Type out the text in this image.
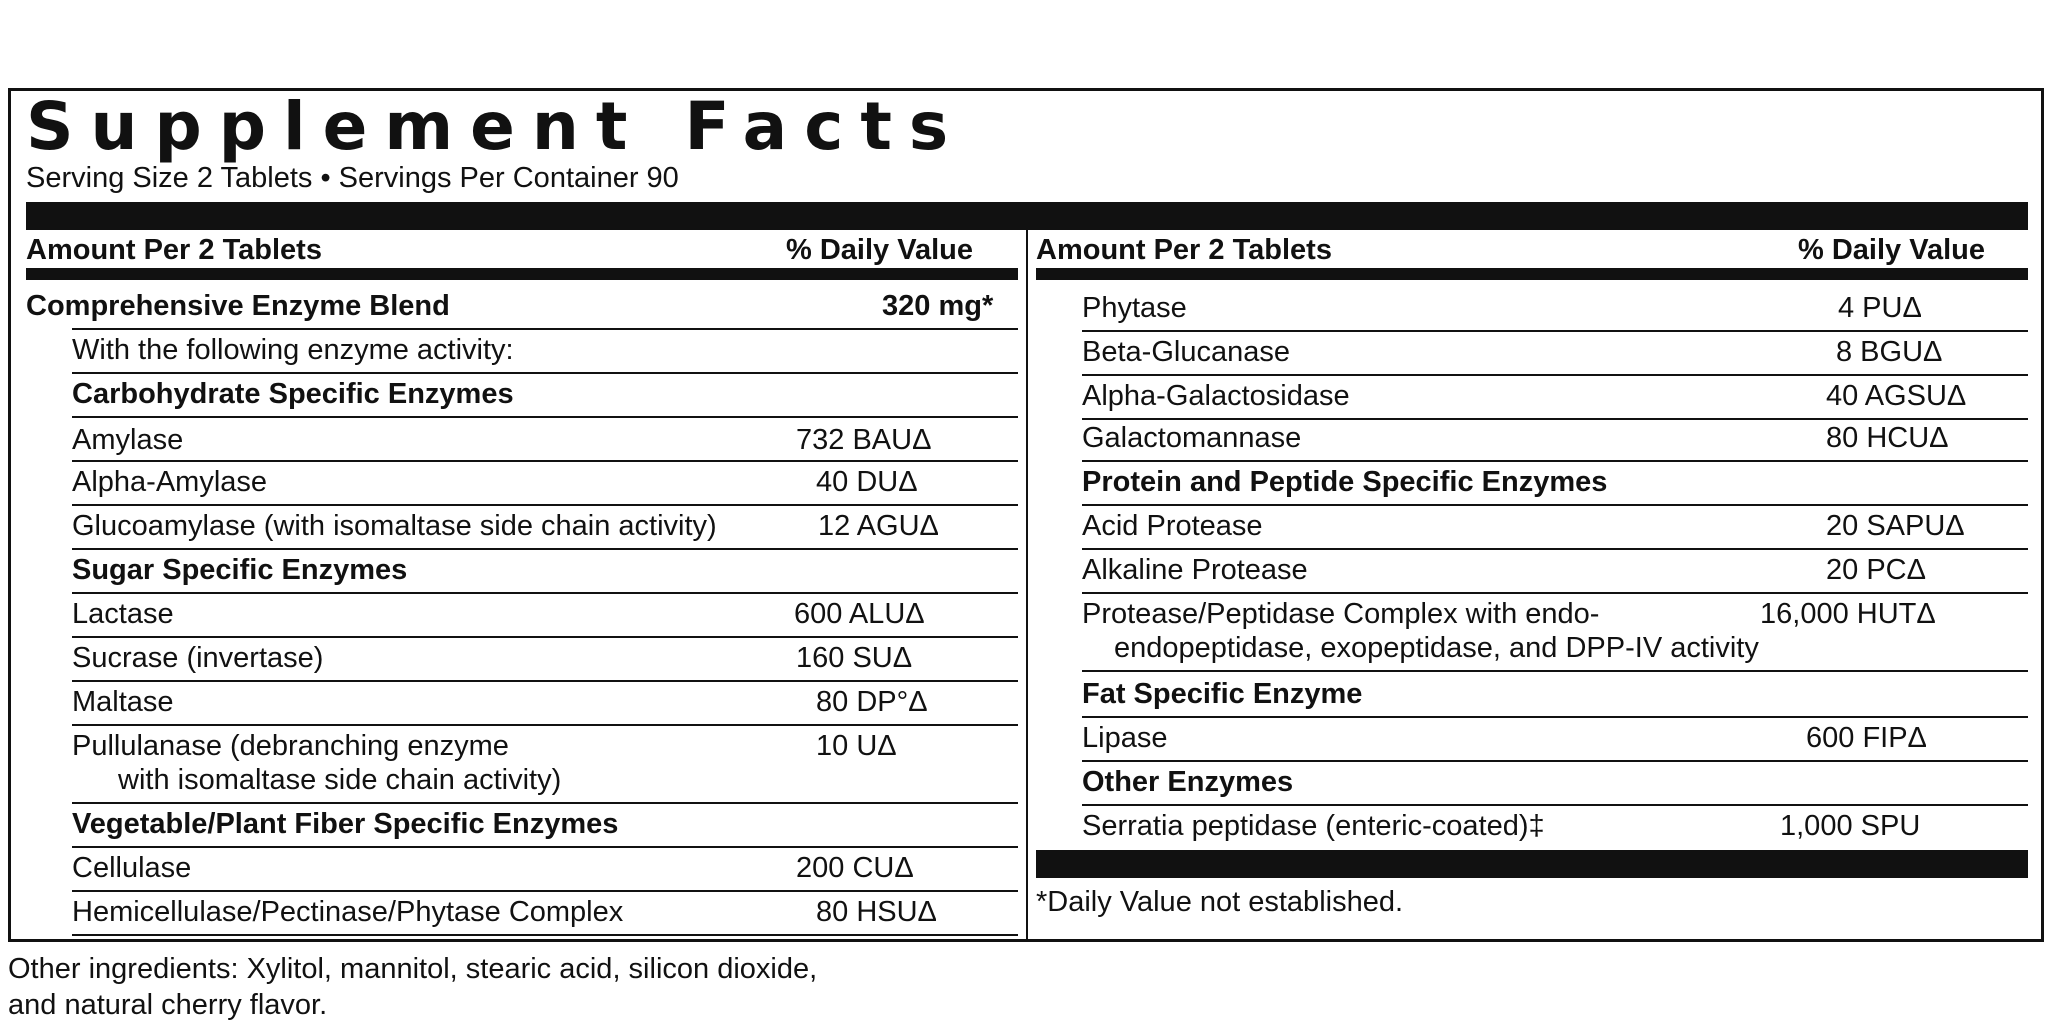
Supplement Facts
Serving Size 2 Tablets • Servings Per Container 90
Amount Per 2 Tablets	% Daily Value Amount Per 2 Tablets	% Daily Value
Comprehensive Enzyme Blend	320 mg*
With the following enzyme activity:
Carbohydrate Specific Enzymes
Amylase	732 BAUΔ
Alpha-Amylase	40 DUΔ
Glucoamylase (with isomaltase side chain activity)	12 AGUΔ
Sugar Specific Enzymes
Lactase	600 ALUΔ
Sucrase (invertase)	160 SUΔ
Maltase	80 DP°Δ
Pullulanase (debranching enzyme
with isomaltase side chain activity)
10 UΔ
Vegetable/Plant Fiber Specific Enzymes
Cellulase	200 CUΔ
Hemicellulase/Pectinase/Phytase Complex	80 HSUΔ
Phytase	4 PUΔ
Beta-Glucanase	8 BGUΔ
Alpha-Galactosidase	40 AGSUΔ
Galactomannase	80 HCUΔ
Protein and Peptide Specific Enzymes
Acid Protease	20 SAPUΔ
Alkaline Protease	20 PCΔ
Protease/Peptidase Complex with endo-
endopeptidase, exopeptidase, and DPP-IV activity
16,000 HUTΔ
Fat Specific Enzyme
Lipase	600 FIPΔ
Other Enzymes
Serratia peptidase (enteric-coated)‡	1,000 SPU
*Daily Value not established.
Other ingredients: Xylitol, mannitol, stearic acid, silicon dioxide,
and natural cherry flavor.
